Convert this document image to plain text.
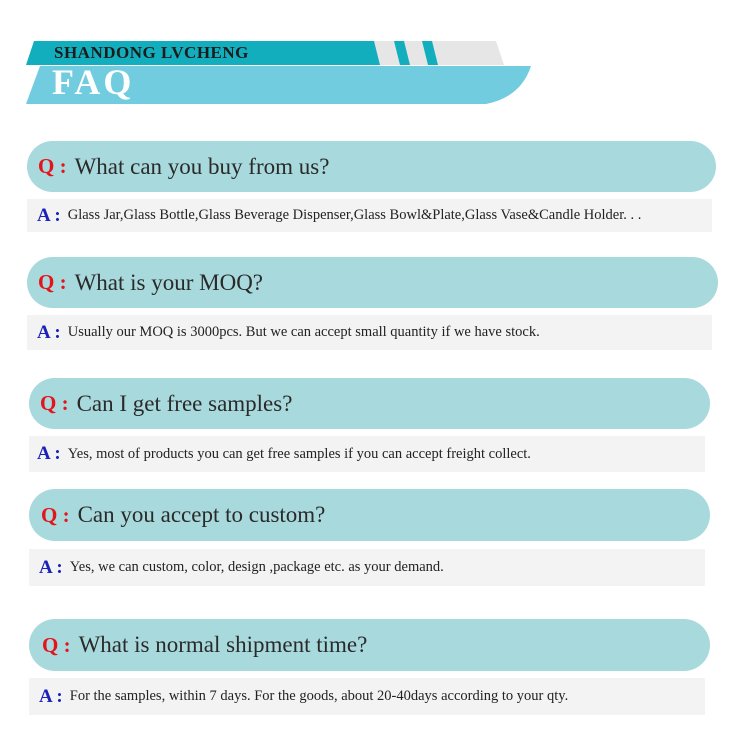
SHANDONG LVCHENG
FAQ
Q : What can you buy from us?
A : Glass Jar,Glass Bottle,Glass Beverage Dispenser,Glass Bowl&Plate,Glass Vase&Candle Holder. . .
Q : What is your MOQ?
A : Usually our MOQ is 3000pcs. But we can accept small quantity if we have stock.
Q : Can I get free samples?
A : Yes, most of products you can get free samples if you can accept freight collect.
Q : Can you accept to custom?
A : Yes, we can custom, color, design ,package etc. as your demand.
Q : What is normal shipment time?
A : For the samples, within 7 days. For the goods, about 20-40days according to your qty.
